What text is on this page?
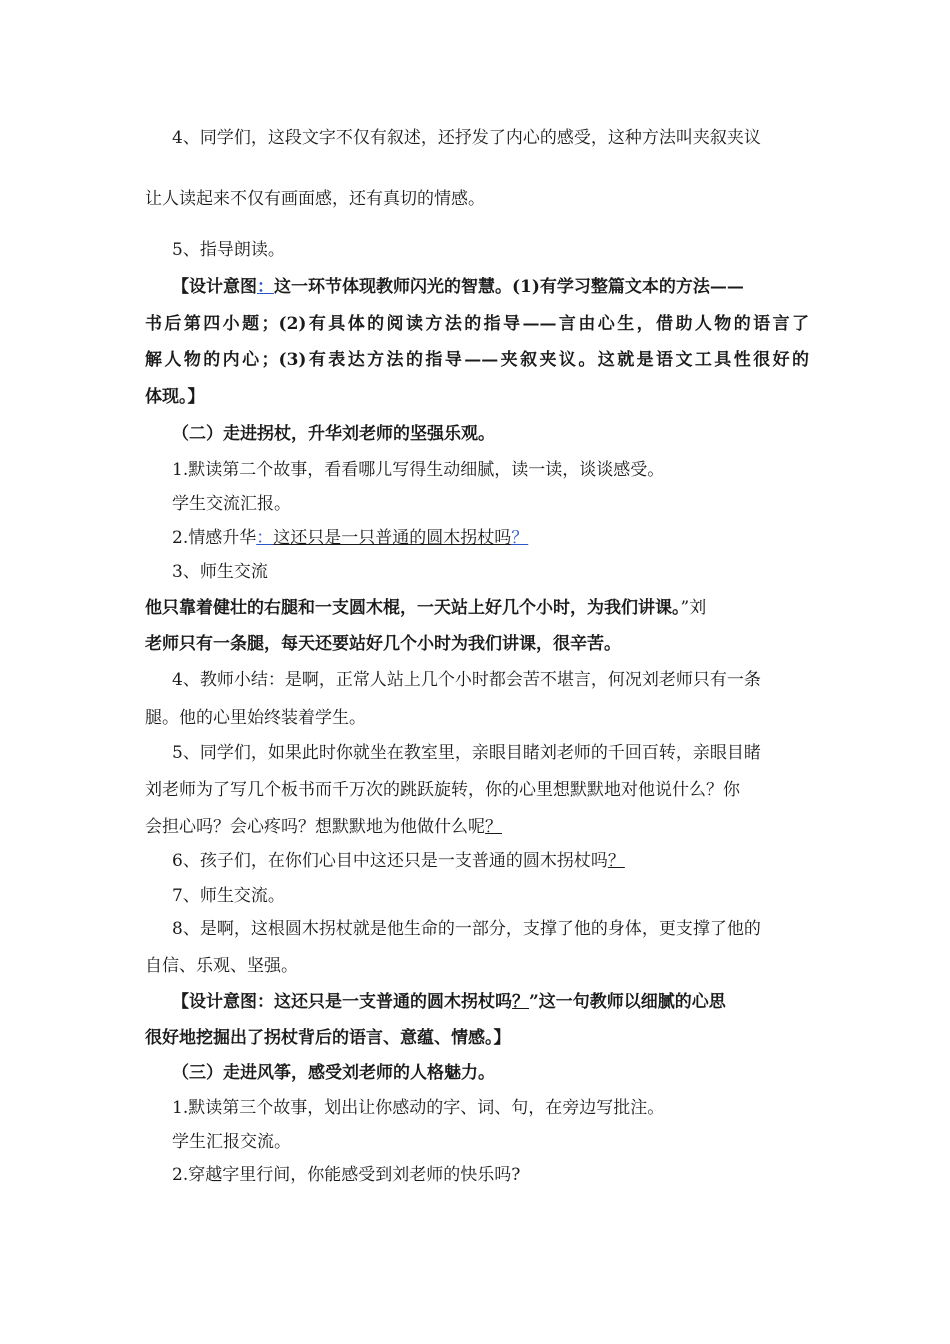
4、同学们，这段文字不仅有叙述，还抒发了内心的感受，这种方法叫夹叙夹议
让人读起来不仅有画面感，还有真切的情感。
5、指导朗读。
【设计意图：这一环节体现教师闪光的智慧。(1)有学习整篇文本的方法——
书后第四小题；(2)有具体的阅读方法的指导——言由心生，借助人物的语言了
解人物的内心；(3)有表达方法的指导——夹叙夹议。这就是语文工具性很好的
体现。】
（二）走进拐杖，升华刘老师的坚强乐观。
1.默读第二个故事，看看哪儿写得生动细腻，读一读，谈谈感受。
学生交流汇报。
2.情感升华：这还只是一只普通的圆木拐杖吗？
3、师生交流
他只靠着健壮的右腿和一支圆木棍，一天站上好几个小时，为我们讲课。”刘
老师只有一条腿，每天还要站好几个小时为我们讲课，很辛苦。
4、教师小结：是啊，正常人站上几个小时都会苦不堪言，何况刘老师只有一条
腿。他的心里始终装着学生。
5、同学们，如果此时你就坐在教室里，亲眼目睹刘老师的千回百转，亲眼目睹
刘老师为了写几个板书而千万次的跳跃旋转，你的心里想默默地对他说什么？你
会担心吗？会心疼吗？想默默地为他做什么呢？
6、孩子们，在你们心目中这还只是一支普通的圆木拐杖吗？
7、师生交流。
8、是啊，这根圆木拐杖就是他生命的一部分，支撑了他的身体，更支撑了他的
自信、乐观、坚强。
【设计意图：这还只是一支普通的圆木拐杖吗？”这一句教师以细腻的心思
很好地挖掘出了拐杖背后的语言、意蕴、情感。】
（三）走进风筝，感受刘老师的人格魅力。
1.默读第三个故事，划出让你感动的字、词、句，在旁边写批注。
学生汇报交流。
2.穿越字里行间，你能感受到刘老师的快乐吗?
